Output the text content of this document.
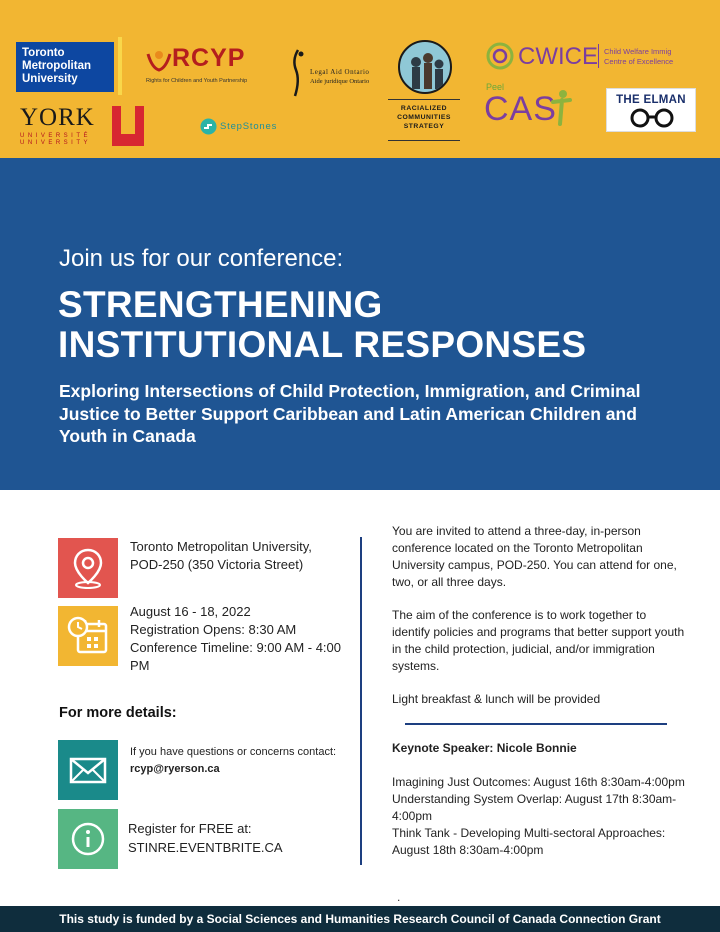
Toronto Metropolitan University
YORK
UNIVERSITÉ
UNIVERSITY
RCYP
Rights for Children and Youth Partnership
Legal Aid Ontario
Aide juridique Ontario
StepStones
RACIALIZED COMMUNITIES STRATEGY
CWICE Child Welfare Immig
Centre of Excellence
Peel
CAS	THE ELMAN
Join us for our conference:
STRENGTHENING
INSTITUTIONAL RESPONSES
Exploring Intersections of Child Protection, Immigration, and Criminal Justice to Better Support Caribbean and Latin American Children and Youth in Canada
Toronto Metropolitan University,
POD-250 (350 Victoria Street)
August 16 - 18, 2022
Registration Opens: 8:30 AM
Conference Timeline: 9:00 AM - 4:00 PM
For more details:
If you have questions or concerns contact: rcyp@ryerson.ca
Register for FREE at:
STINRE.EVENTBRITE.CA
You are invited to attend a three-day, in-person conference located on the Toronto Metropolitan University campus, POD-250. You can attend for one, two, or all three days.
The aim of the conference is to work together to identify policies and programs that better support youth in the child protection, judicial, and/or immigration systems.
Light breakfast & lunch will be provided
Keynote Speaker: Nicole Bonnie
Imagining Just Outcomes: August 16th 8:30am-4:00pm
Understanding System Overlap: August 17th 8:30am-4:00pm
Think Tank - Developing Multi-sectoral Approaches: August 18th 8:30am-4:00pm
.
This study is funded by a Social Sciences and Humanities Research Council of Canada Connection Grant
